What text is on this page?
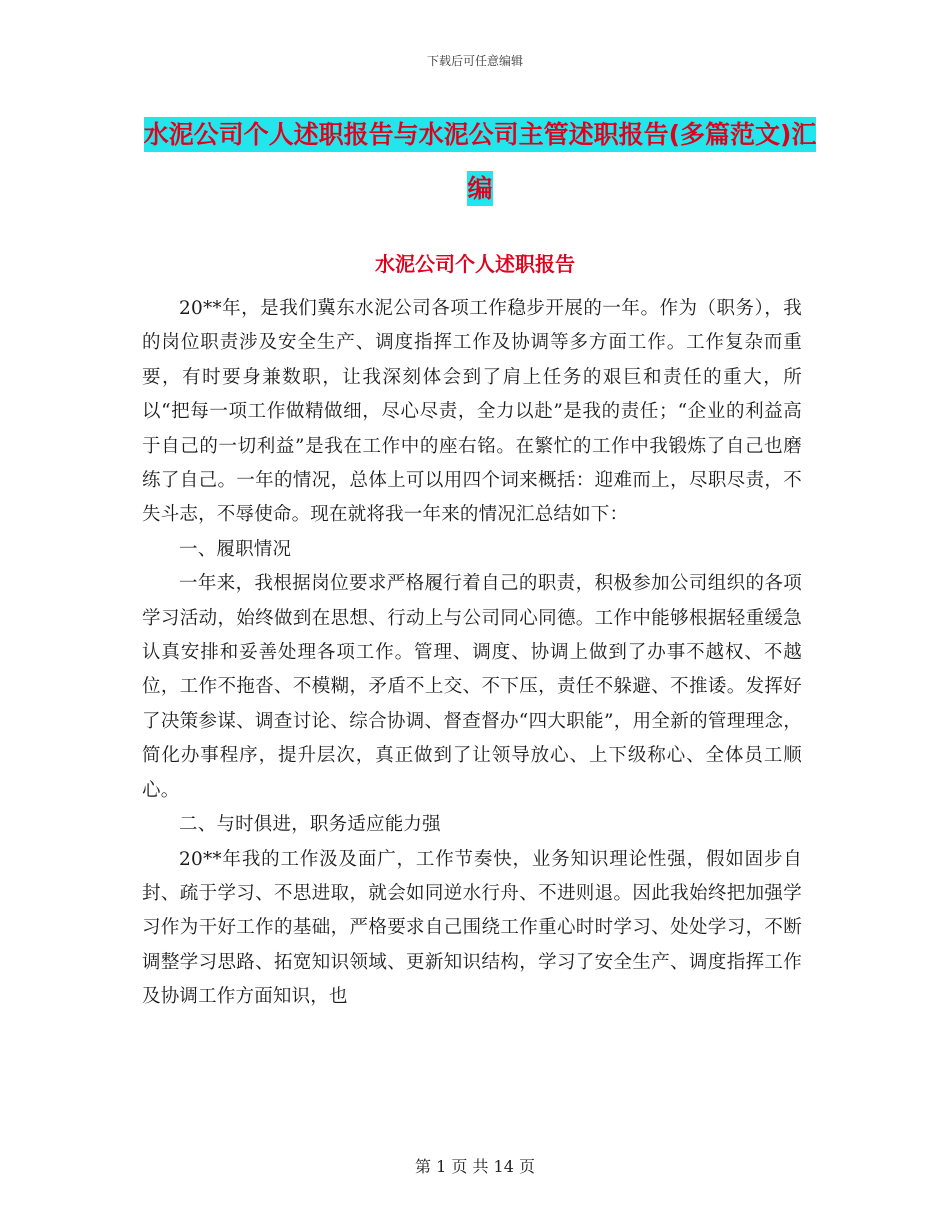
下载后可任意编辑
水泥公司个人述职报告与水泥公司主管述职报告(多篇范文)汇编
水泥公司个人述职报告

20**年，是我们冀东水泥公司各项工作稳步开展的一年。作为（职务），我的岗位职责涉及安全生产、调度指挥工作及协调等多方面工作。工作复杂而重要，有时要身兼数职，让我深刻体会到了肩上任务的艰巨和责任的重大，所以“把每一项工作做精做细，尽心尽责，全力以赴”是我的责任；“企业的利益高于自己的一切利益”是我在工作中的座右铭。在繁忙的工作中我锻炼了自己也磨练了自己。一年的情况，总体上可以用四个词来概括：迎难而上，尽职尽责，不失斗志，不辱使命。现在就将我一年来的情况汇总结如下：

一、履职情况

一年来，我根据岗位要求严格履行着自己的职责，积极参加公司组织的各项学习活动，始终做到在思想、行动上与公司同心同德。工作中能够根据轻重缓急认真安排和妥善处理各项工作。管理、调度、协调上做到了办事不越权、不越位，工作不拖沓、不模糊，矛盾不上交、不下压，责任不躲避、不推诿。发挥好了决策参谋、调查讨论、综合协调、督查督办“四大职能”，用全新的管理理念，简化办事程序，提升层次，真正做到了让领导放心、上下级称心、全体员工顺心。

二、与时俱进，职务适应能力强

20**年我的工作汲及面广，工作节奏快，业务知识理论性强，假如固步自封、疏于学习、不思进取，就会如同逆水行舟、不进则退。因此我始终把加强学习作为干好工作的基础，严格要求自己围绕工作重心时时学习、处处学习，不断调整学习思路、拓宽知识领域、更新知识结构，学习了安全生产、调度指挥工作及协调工作方面知识，也

第 1 页 共 14 页
